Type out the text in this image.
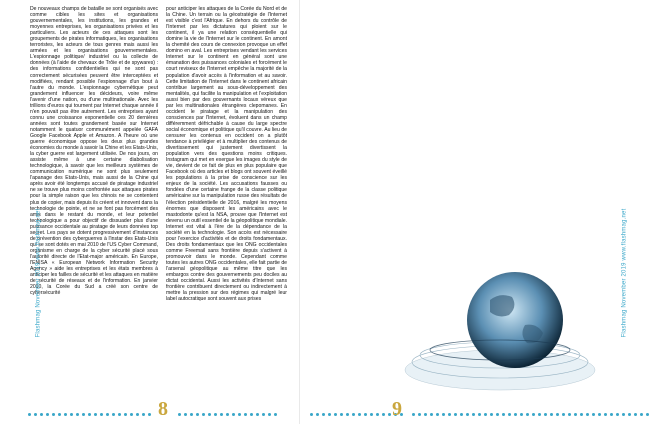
De nouveaux champs de bataille se sont organisés avec comme cibles les sites et organisations gouvernementales, les institutions, les grandes et moyennes entreprises, les organisations privées et les particuliers. Les acteurs de ces attaques sont les groupements de pirates informatiques, les organisations terroristes, les acteurs de tous genres mais aussi les armées et les organisations gouvernementales. L'espionnage politique/ industriel ou la collecte de données (à l'aide de chevaux de Trôie et de spywares) : des informations confidentielles qui ne sont pas correctement sécurisées peuvent être interceptées et modifiées, rendant possible l'espionnage d'un bout à l'autre du monde. L'espionnage cybernétique peut grandement influencer les décideurs, voire même l'avenir d'une nation, ou d'une multinationale. Avec les trillions d'euros qui tournent par Internet chaque année il n'en pouvait pas être autrement. Les entreprises ayant connu une croissance exponentielle ces 20 dernières années sont toutes grandement basée sur Internet notamment le quatuor communément appelée GAFA Google Facebook Apple et Amazon. A l'heure où une guerre économique oppose les deux plus grandes économies du monde à savoir la Chine et les Etats-Unis, la cyber guerre est largement utilisée. De nos jours, on assiste même à une certaine diabolisation technologique, à savoir que les meilleurs systèmes de communication numérique ne sont plus seulement l'apanage des Etats-Unis, mais aussi de la Chine qui après avoir été longtemps accusé de piratage industriel ne se trouve plus moins confrontée aux attaques pirates pour la simple raison que les chinois ne se contentent plus de copier, mais depuis ils créent et innovent dans la technologie de pointe, et ne se font pas forcément des amis dans le restant du monde, et leur potentiel technologique a pour objectif de dissuader plus d'une puissance occidentale au piratage de leurs données top secret. Les pays se dotent progressivement d'instances de prévention des cyberguerres à l'instar des Etats-Unis qui se sont dotés en mai 2010 de l'US Cyber Command, organisme en charge de la cyber sécurité placé sous l'autorité directe de l'Etat-major américain. En Europe, l'ENISA « European Network Information Security Agency » aide les entreprises et les états membres à anticiper les failles de sécurité et les attaques en matière de sécurité de réseaux et de l'information. En janvier 2010, la Corée du Sud a créé son centre de cybersécurité

pour anticiper les attaques de la Corée du Nord et de la Chine. Un terrain ou la géostratégie de l'Internet est visible c'est l'Afrique. En dehors du contrôle de l'Internet par les dictatures qui ploient sur le continent, il ya une relation conséquentielle qui domine la vie de l'Internet sur le continent. En amont la chemité des cours de connexion provoque un effet domino en aval. Les entreprises vendant les services Internet sur le continent en général sont une émanation des puissances coloniales et forcément le court reviseux de l'Internet empêche la majorité de la population d'avoir accès à l'information et au savoir. Cette limitation de l'Internet dans le continent africain contribue largement au sous-développement des mentalités, qui facilite la manipulation et l'exploitation aussi bien par des gouvernants locaux véreux que par les multinationales étrangères clepomanes. En occident le piratage et la manipulation des consciences par l'Internet, évoluent dans un champ différemment défrichable à cause du large spectre social économique et politique qu'il couvre. Au lieu de censurer les contenus en occident on a plutôt tendance à privilégier et à multiplier des contenus de divertissement qui justement divertissent la population vers des questions moins critiques. Instagram qui met en exergue les images du style de vie, devient de ce fait de plus en plus populaire que Facebook où des articles et blogs ont souvent éveillé les populations à la prise de conscience sur les enjeux de la société. Les accusations fausses ou fondées d'une certaine frange de la classe politique américaine sur la manipulation russe des résultats de l'élection présidentielle de 2016, malgré les moyens énormes que disposent les américains avec le mastodonte qu'est la NSA, prouve que l'Internet est devenu un outil essentiel de la géopolitique mondiale. Internet est vital à l'ère de la dépendance de la société en la technologie. Son accès est nécessaire pour l'exercice d'activités et de droits fondamentaux. Des droits fondamentaux que les ONG occidentales comme Freemail sans frontière depuis s'activent à promouvoir dans le monde. Cependant comme toutes les autres ONG occidentales, elle fait partie de l'arsenal géopolitique au même titre que les embargos contre des gouvernements peu dociles au dictat occidental. Aussi les activités d'Internet sans frontière contribuent directement ou indirectement à mettre la pression sur des régimes qui malgré leur label autocratique sont souvent aux prises

8	9
Flashmag November 2019 www.flashmag.net	Flashmag November 2019 www.flashmag.net
